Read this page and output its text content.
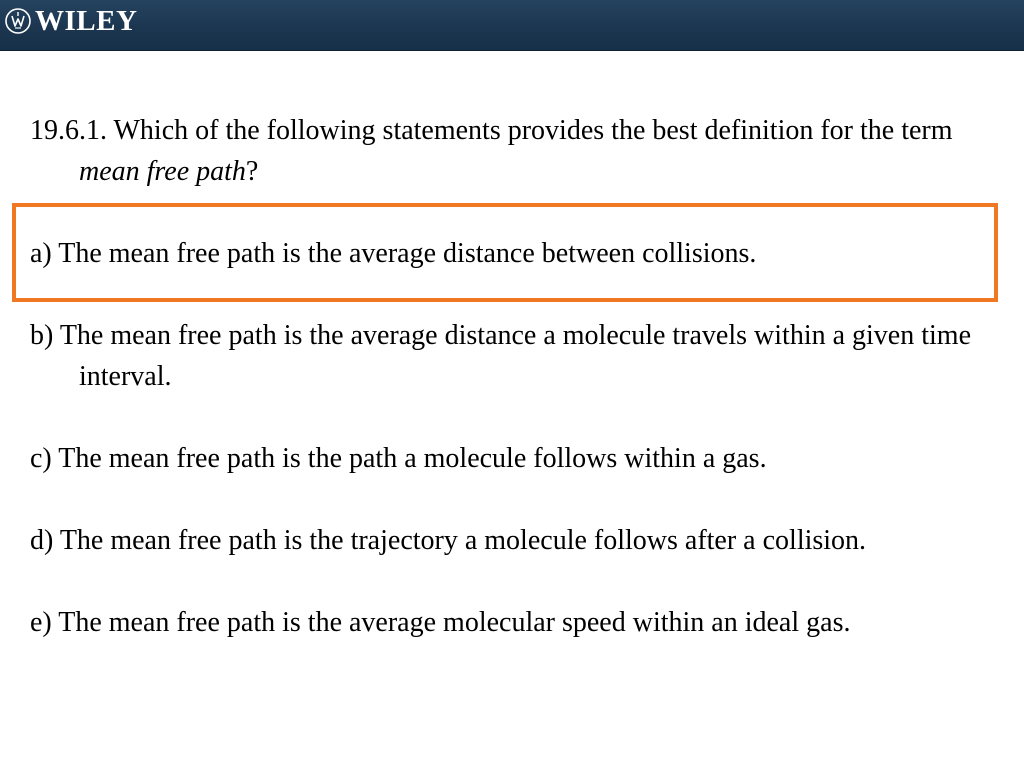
WILEY

19.6.1. Which of the following statements provides the best definition for the term mean free path?

a) The mean free path is the average distance between collisions.

b) The mean free path is the average distance a molecule travels within a given time interval.

c) The mean free path is the path a molecule follows within a gas.

d) The mean free path is the trajectory a molecule follows after a collision.

e) The mean free path is the average molecular speed within an ideal gas.
